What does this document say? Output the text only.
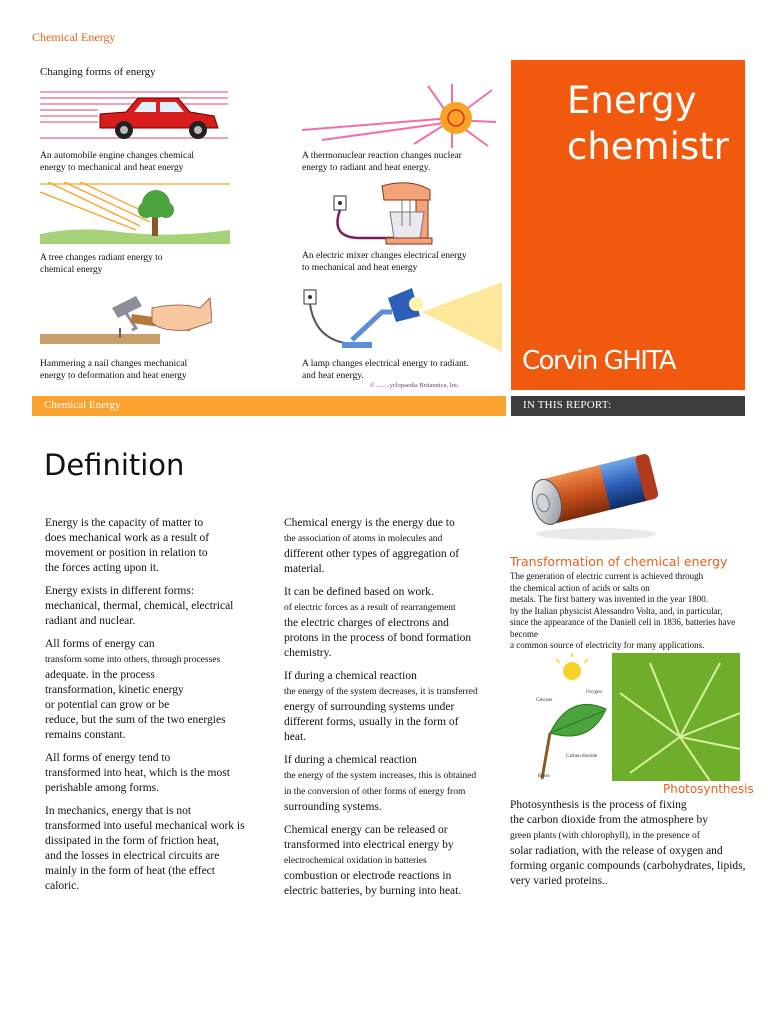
Chemical Energy
Changing forms of energy
An automobile engine changes chemical
energy to mechanical and heat energy
A thermonuclear reaction changes nuclear
energy to radiant and heat energy.
A tree changes radiant energy to
chemical energy
An electric mixer changes electrical energy
to mechanical and heat energy
Hammering a nail changes mechanical
energy to deformation and heat energy
A lamp changes electrical energy to radiant.
and heat energy.
© ........yclopaedia Britannica, Inc.
Energy
chemistr
Corvin GHITA
Chemical Energy	IN THIS REPORT:
Definition

Energy is the capacity of matter to
does mechanical work as a result of
movement or position in relation to
the forces acting upon it.

Energy exists in different forms:
mechanical, thermal, chemical, electrical
radiant and nuclear.

All forms of energy can
transform some into others, through processes
adequate. in the process
transformation, kinetic energy
or potential can grow or be
reduce, but the sum of the two energies
remains constant.

All forms of energy tend to
transformed into heat, which is the most
perishable among forms.

In mechanics, energy that is not
transformed into useful mechanical work is
dissipated in the form of friction heat,
and the losses in electrical circuits are
mainly in the form of heat (the effect
caloric.

Chemical energy is the energy due to
the association of atoms in molecules and
different other types of aggregation of
material.

It can be defined based on work.
of electric forces as a result of rearrangement
the electric charges of electrons and
protons in the process of bond formation
chemistry.

If during a chemical reaction
the energy of the system decreases, it is transferred
energy of surrounding systems under
different forms, usually in the form of
heat.

If during a chemical reaction
the energy of the system increases, this is obtained
in the conversion of other forms of energy from
surrounding systems.

Chemical energy can be released or
transformed into electrical energy by
electrochemical oxidation in batteries
combustion or electrode reactions in
electric batteries, by burning into heat.

Transformation of chemical energy
The generation of electric current is achieved through
the chemical action of acids or salts on
metals. The first battery was invented in the year 1800.
by the Italian physicist Alessandro Volta, and, in particular,
since the appearance of the Daniell cell in 1836, batteries have become
a common source of electricity for many applications.
Glucose
Oxygen
Carbon dioxide
Roots
Photosynthesis
Photosynthesis is the process of fixing
the carbon dioxide from the atmosphere by
green plants (with chlorophyll), in the presence of
solar radiation, with the release of oxygen and
forming organic compounds (carbohydrates, lipids,
very varied proteins..
